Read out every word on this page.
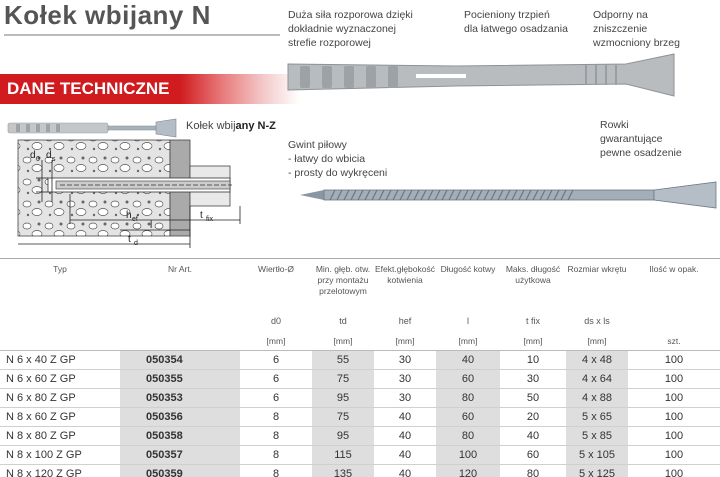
Kołek wbijany N
DANE TECHNICZNE
Kołek wbijany N-Z
d 0 d s
h ef
l
t fix
t d
Duża siła rozporowa dzięki
dokładnie wyznaczonej
strefie rozporowej
Pocieniony trzpień
dla łatwego osadzania
Odporny na
zniszczenie
wzmocniony brzeg
Rowki
gwarantujące
pewne osadzenie
Gwint piłowy
- łatwy do wbicia
- prosty do wykręceni
Typ	Nr Art.	Wiertło-Ø	Min. głęb. otw. przy montażu przelotowym	Efekt.głębokość kotwienia	Długość kotwy	Maks. długość użytkowa	Rozmiar wkrętu	Ilość w opak.
		d0	td	hef	l	t fix	ds x ls	
		[mm]	[mm]	[mm]	[mm]	[mm]	[mm]	szt.
N 6 x 40 Z GP	050354	6	55	30	40	10	4 x 48	100
N 6 x 60 Z GP	050355	6	75	30	60	30	4 x 64	100
N 6 x 80 Z GP	050353	6	95	30	80	50	4 x 88	100
N 8 x 60 Z GP	050356	8	75	40	60	20	5 x 65	100
N 8 x 80 Z GP	050358	8	95	40	80	40	5 x 85	100
N 8 x 100 Z GP	050357	8	115	40	100	60	5 x 105	100
N 8 x 120 Z GP	050359	8	135	40	120	80	5 x 125	100
